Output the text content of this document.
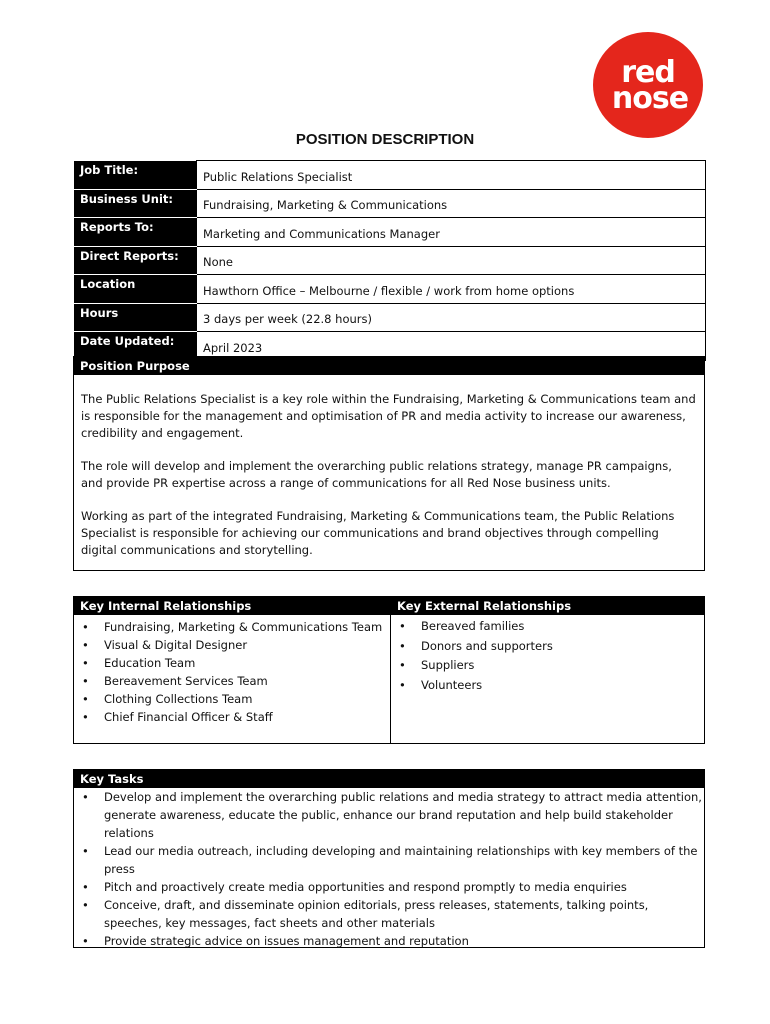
red
nose
POSITION DESCRIPTION
Job Title:	Public Relations Specialist
Business Unit:	Fundraising, Marketing & Communications
Reports To:	Marketing and Communications Manager
Direct Reports:	None
Location	Hawthorn Office – Melbourne / flexible / work from home options
Hours	3 days per week (22.8 hours)
Date Updated:	April 2023
Position Purpose

The Public Relations Specialist is a key role within the Fundraising, Marketing & Communications team and is responsible for the management and optimisation of PR and media activity to increase our awareness, credibility and engagement.

The role will develop and implement the overarching public relations strategy, manage PR campaigns, and provide PR expertise across a range of communications for all Red Nose business units.

Working as part of the integrated Fundraising, Marketing & Communications team, the Public Relations Specialist is responsible for achieving our communications and brand objectives through compelling digital communications and storytelling.

Key Internal Relationships
• Fundraising, Marketing & Communications Team
• Visual & Digital Designer
• Education Team
• Bereavement Services Team
• Clothing Collections Team
• Chief Financial Officer & Staff
Key External Relationships
• Bereaved families
• Donors and supporters
• Suppliers
• Volunteers
Key Tasks
• Develop and implement the overarching public relations and media strategy to attract media attention, generate awareness, educate the public, enhance our brand reputation and help build stakeholder relations
• Lead our media outreach, including developing and maintaining relationships with key members of the press
• Pitch and proactively create media opportunities and respond promptly to media enquiries
• Conceive, draft, and disseminate opinion editorials, press releases, statements, talking points, speeches, key messages, fact sheets and other materials
• Provide strategic advice on issues management and reputation
